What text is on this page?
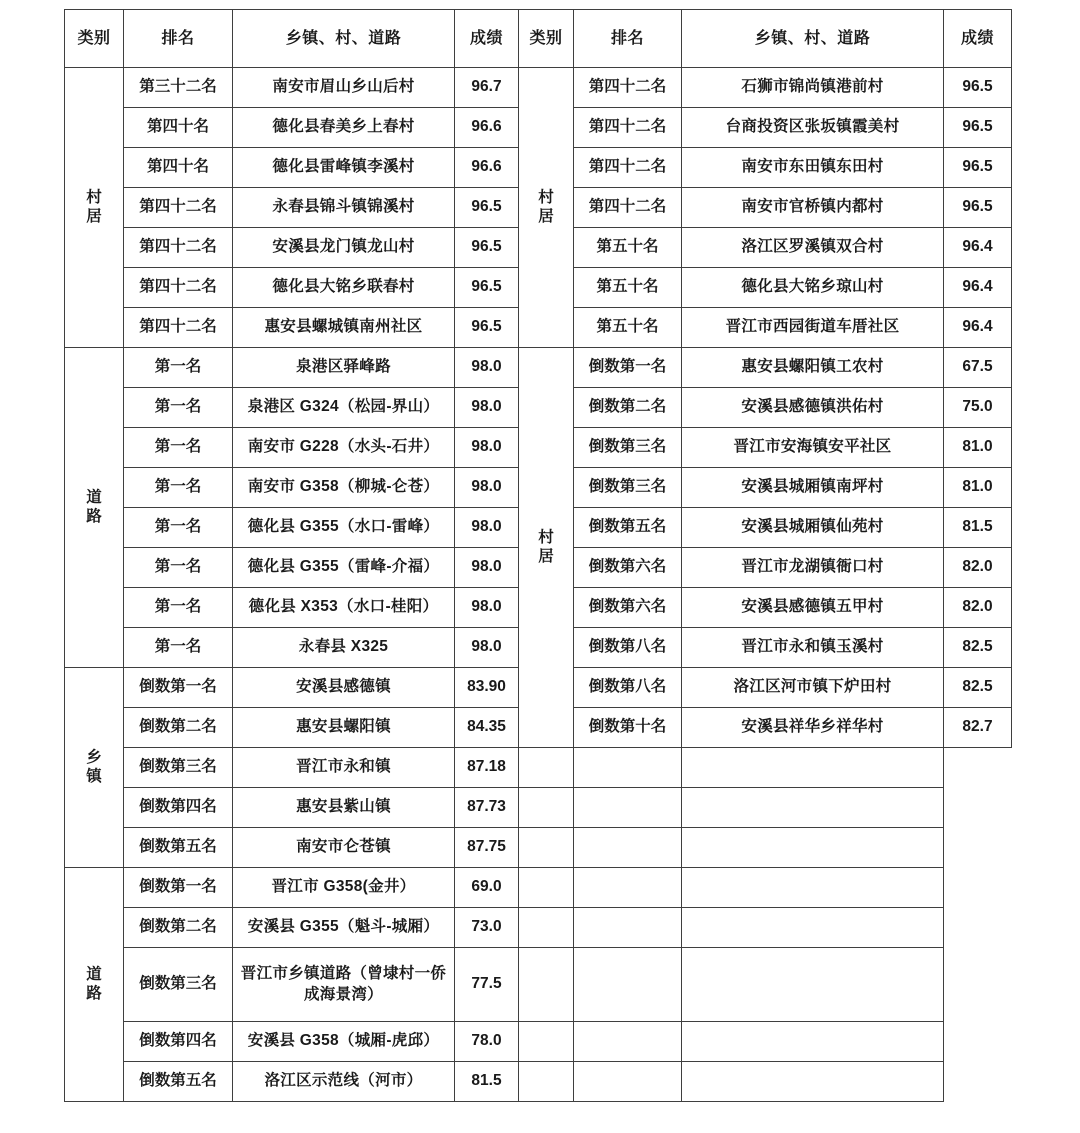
类别	排名	乡镇、村、道路	成绩	类别	排名	乡镇、村、道路	成绩

村居	第三十二名	南安市眉山乡山后村	96.7	村居	第四十二名	石狮市锦尚镇港前村	96.5
	第四十名	德化县春美乡上春村	96.6		第四十二名	台商投资区张坂镇霞美村	96.5
	第四十名	德化县雷峰镇李溪村	96.6		第四十二名	南安市东田镇东田村	96.5
	第四十二名	永春县锦斗镇锦溪村	96.5		第四十二名	南安市官桥镇内都村	96.5
	第四十二名	安溪县龙门镇龙山村	96.5		第五十名	洛江区罗溪镇双合村	96.4
	第四十二名	德化县大铭乡联春村	96.5		第五十名	德化县大铭乡琼山村	96.4
	第四十二名	惠安县螺城镇南州社区	96.5		第五十名	晋江市西园街道车厝社区	96.4

道路	第一名	泉港区驿峰路	98.0	村居	倒数第一名	惠安县螺阳镇工农村	67.5
	第一名	泉港区 G324（松园-界山）	98.0		倒数第二名	安溪县感德镇洪佑村	75.0
	第一名	南安市 G228（水头-石井）	98.0		倒数第三名	晋江市安海镇安平社区	81.0
	第一名	南安市 G358（柳城-仑苍）	98.0		倒数第三名	安溪县城厢镇南坪村	81.0
	第一名	德化县 G355（水口-雷峰）	98.0		倒数第五名	安溪县城厢镇仙苑村	81.5
	第一名	德化县 G355（雷峰-介福）	98.0		倒数第六名	晋江市龙湖镇衙口村	82.0
	第一名	德化县 X353（水口-桂阳）	98.0		倒数第六名	安溪县感德镇五甲村	82.0
	第一名	永春县 X325	98.0		倒数第八名	晋江市永和镇玉溪村	82.5

乡镇	倒数第一名	安溪县感德镇	83.90		倒数第八名	洛江区河市镇下炉田村	82.5
	倒数第二名	惠安县螺阳镇	84.35		倒数第十名	安溪县祥华乡祥华村	82.7
	倒数第三名	晋江市永和镇	87.18				
	倒数第四名	惠安县紫山镇	87.73				
	倒数第五名	南安市仑苍镇	87.75				

道路	倒数第一名	晋江市 G358(金井）	69.0				
	倒数第二名	安溪县 G355（魁斗-城厢）	73.0				
	倒数第三名	晋江市乡镇道路（曾埭村一侨成海景湾）	77.5				
	倒数第四名	安溪县 G358（城厢-虎邱）	78.0				
	倒数第五名	洛江区示范线（河市）	81.5				
